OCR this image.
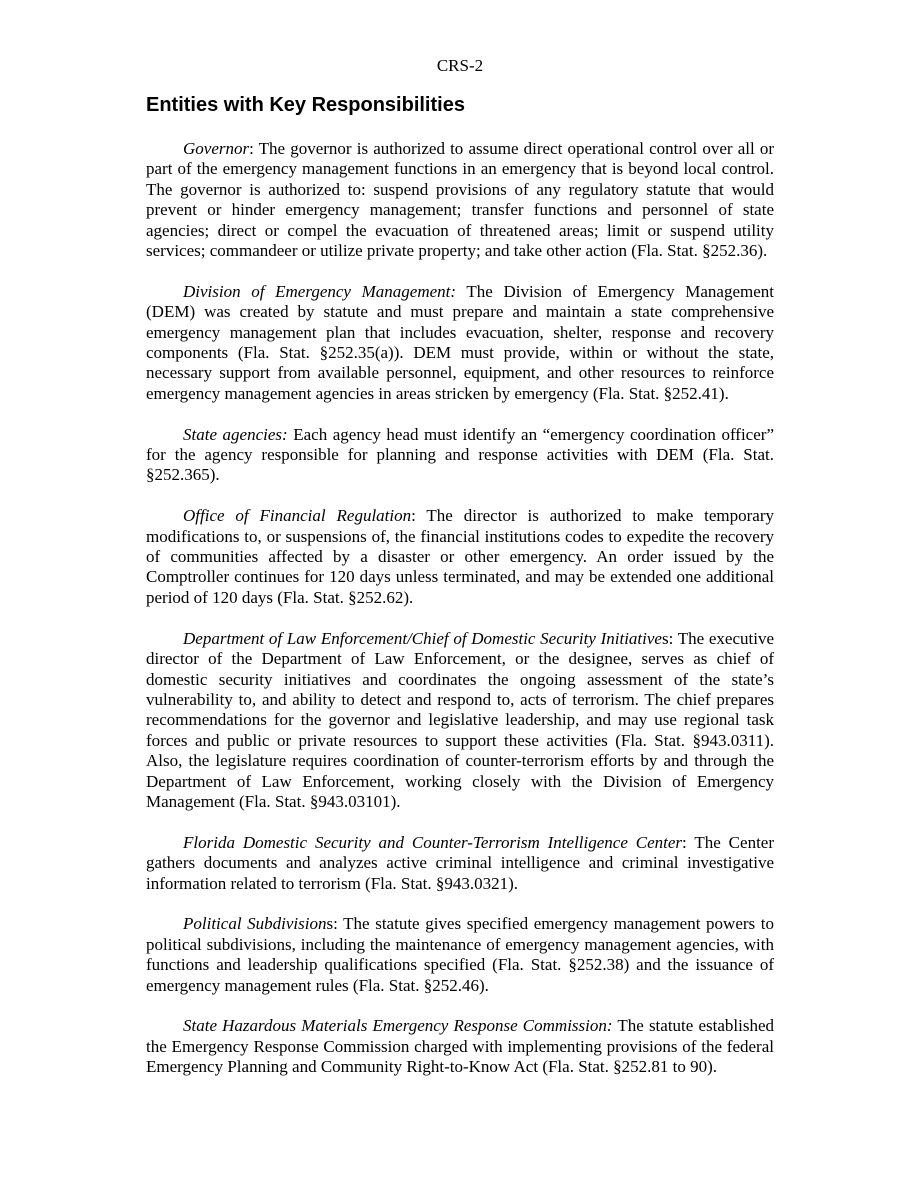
CRS-2
Entities with Key Responsibilities

Governor: The governor is authorized to assume direct operational control over all or part of the emergency management functions in an emergency that is beyond local control. The governor is authorized to: suspend provisions of any regulatory statute that would prevent or hinder emergency management; transfer functions and personnel of state agencies; direct or compel the evacuation of threatened areas; limit or suspend utility services; commandeer or utilize private property; and take other action (Fla. Stat. §252.36).

Division of Emergency Management: The Division of Emergency Management (DEM) was created by statute and must prepare and maintain a state comprehensive emergency management plan that includes evacuation, shelter, response and recovery components (Fla. Stat. §252.35(a)). DEM must provide, within or without the state, necessary support from available personnel, equipment, and other resources to reinforce emergency management agencies in areas stricken by emergency (Fla. Stat. §252.41).

State agencies: Each agency head must identify an “emergency coordination officer” for the agency responsible for planning and response activities with DEM (Fla. Stat. §252.365).

Office of Financial Regulation: The director is authorized to make temporary modifications to, or suspensions of, the financial institutions codes to expedite the recovery of communities affected by a disaster or other emergency. An order issued by the Comptroller continues for 120 days unless terminated, and may be extended one additional period of 120 days (Fla. Stat. §252.62).

Department of Law Enforcement/Chief of Domestic Security Initiatives: The executive director of the Department of Law Enforcement, or the designee, serves as chief of domestic security initiatives and coordinates the ongoing assessment of the state’s vulnerability to, and ability to detect and respond to, acts of terrorism. The chief prepares recommendations for the governor and legislative leadership, and may use regional task forces and public or private resources to support these activities (Fla. Stat. §943.0311). Also, the legislature requires coordination of counter-terrorism efforts by and through the Department of Law Enforcement, working closely with the Division of Emergency Management (Fla. Stat. §943.03101).

Florida Domestic Security and Counter-Terrorism Intelligence Center: The Center gathers documents and analyzes active criminal intelligence and criminal investigative information related to terrorism (Fla. Stat. §943.0321).

Political Subdivisions: The statute gives specified emergency management powers to political subdivisions, including the maintenance of emergency management agencies, with functions and leadership qualifications specified (Fla. Stat. §252.38) and the issuance of emergency management rules (Fla. Stat. §252.46).

State Hazardous Materials Emergency Response Commission: The statute established the Emergency Response Commission charged with implementing provisions of the federal Emergency Planning and Community Right-to-Know Act (Fla. Stat. §252.81 to 90).
